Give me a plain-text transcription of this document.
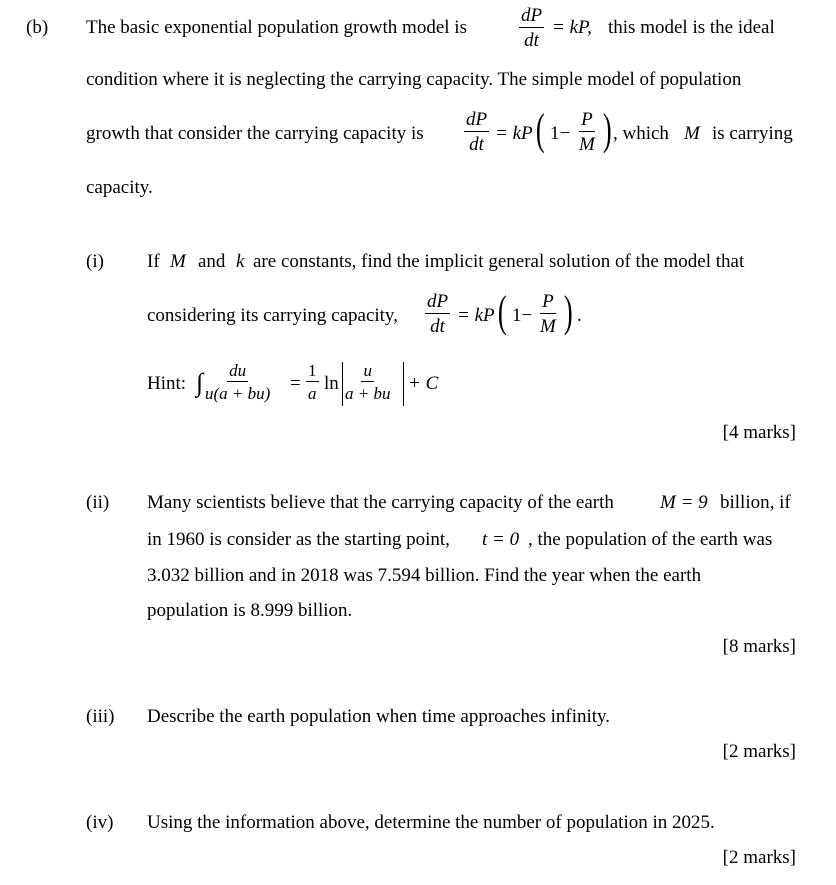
(b) The basic exponential population growth model is	$\frac{dP}{dt}$ = kP, this model is the ideal
condition where it is neglecting the carrying capacity. The simple model of population
growth that consider the carrying capacity is $\frac{dP}{dt}$ = kP ( $1- \frac{P}{M}$ ) , which M is carrying
capacity.
(i) If M and k are constants, find the implicit general solution of the model that
considering its carrying capacity, $\frac{dP}{dt}$ = kP ( $1- \frac{P}{M}$ ) .
Hint: ∫ $\frac{du}{u(a + bu)} = \frac{1}{a}$ $\ln \frac{u}{a + bu} + C$
[4 marks]
(ii) Many scientists believe that the carrying capacity of the earth M = 9 billion, if
in 1960 is consider as the starting point, t = 0 , the population of the earth was
3.032 billion and in 2018 was 7.594 billion. Find the year when the earth
population is 8.999 billion.
[8 marks]
(iii) Describe the earth population when time approaches infinity.
[2 marks]
(iv) Using the information above, determine the number of population in 2025.
[2 marks]
